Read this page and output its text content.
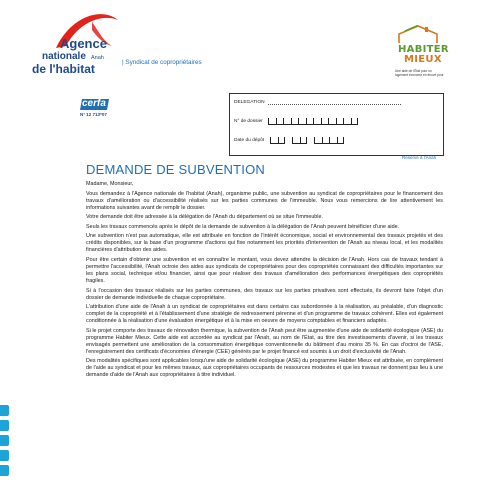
Agence
nationale Anah
de l'habitat	| Syndicat de copropriétaires
HABITER
MIEUX
Une aide de l'État pour un logement économe et rénové pour
cerfa
N° 12 713*07
DELEGATION
N° de dossier
Date du dépôt
Réservé à l'Anah
DEMANDE DE SUBVENTION

Madame, Monsieur,

Vous demandez à l'Agence nationale de l'habitat (Anah), organisme public, une subvention au syndicat de copropriétaires pour le financement des travaux d'amélioration ou d'accessibilité réalisés sur les parties communes de l'immeuble. Nous vous remercions de lire attentivement les informations suivantes avant de remplir le dossier.

Votre demande doit être adressée à la délégation de l'Anah du département où se situe l'immeuble.

Seuls les travaux commencés après le dépôt de la demande de subvention à la délégation de l'Anah peuvent bénéficier d'une aide.

Une subvention n'est pas automatique, elle est attribuée en fonction de l'intérêt économique, social et environnemental des travaux projetés et des crédits disponibles, sur la base d'un programme d'actions qui fixe notamment les priorités d'intervention de l'Anah au niveau local, et les modalités financières d'attribution des aides.

Pour être certain d'obtenir une subvention et en connaître le montant, vous devez attendre la décision de l'Anah. Hors cas de travaux tendant à permettre l'accessibilité, l'Anah octroie des aides aux syndicats de copropriétaires pour des copropriétés connaissant des difficultés importantes sur les plans social, technique et/ou financier, ainsi que pour réaliser des travaux d'amélioration des performances énergétiques des copropriétés fragiles.

Si à l'occasion des travaux réalisés sur les parties communes, des travaux sur les parties privatives sont effectués, ils devront faire l'objet d'un dossier de demande individuelle de chaque copropriétaire.

L'attribution d'une aide de l'Anah à un syndicat de copropriétaires est dans certains cas subordonnée à la réalisation, au préalable, d'un diagnostic complet de la copropriété et à l'établissement d'une stratégie de redressement pérenne et d'un programme de travaux cohérent. Elles est également conditionnée à la réalisation d'une évaluation énergétique et à la mise en oeuvre de moyens comptables et financiers adaptés.

Si le projet comporte des travaux de rénovation thermique, la subvention de l'Anah peut être augmentée d'une aide de solidarité écologique (ASE) du programme Habiter Mieux. Cette aide est accordée au syndicat par l'Anah, au nom de l'État, au titre des investissements d'avenir, si les travaux envisagés permettent une amélioration de la consommation énergétique conventionnelle du bâtiment d'au moins 35 %. En cas d'octroi de l'ASE, l'enregistrement des certificats d'économies d'énergie (CEE) générés par le projet financé est soumis à un droit d'exclusivité de l'Anah.

Des modalités spécifiques sont applicables lorsqu'une aide de solidarité écologique (ASE) du programme Habiter Mieux est attribuée, en complément de l'aide au syndicat et pour les mêmes travaux, aux copropriétaires occupants de ressources modestes et que les travaux ne donnent pas lieu à une demande d'aide de l'Anah aux copropriétaires à titre individuel.
